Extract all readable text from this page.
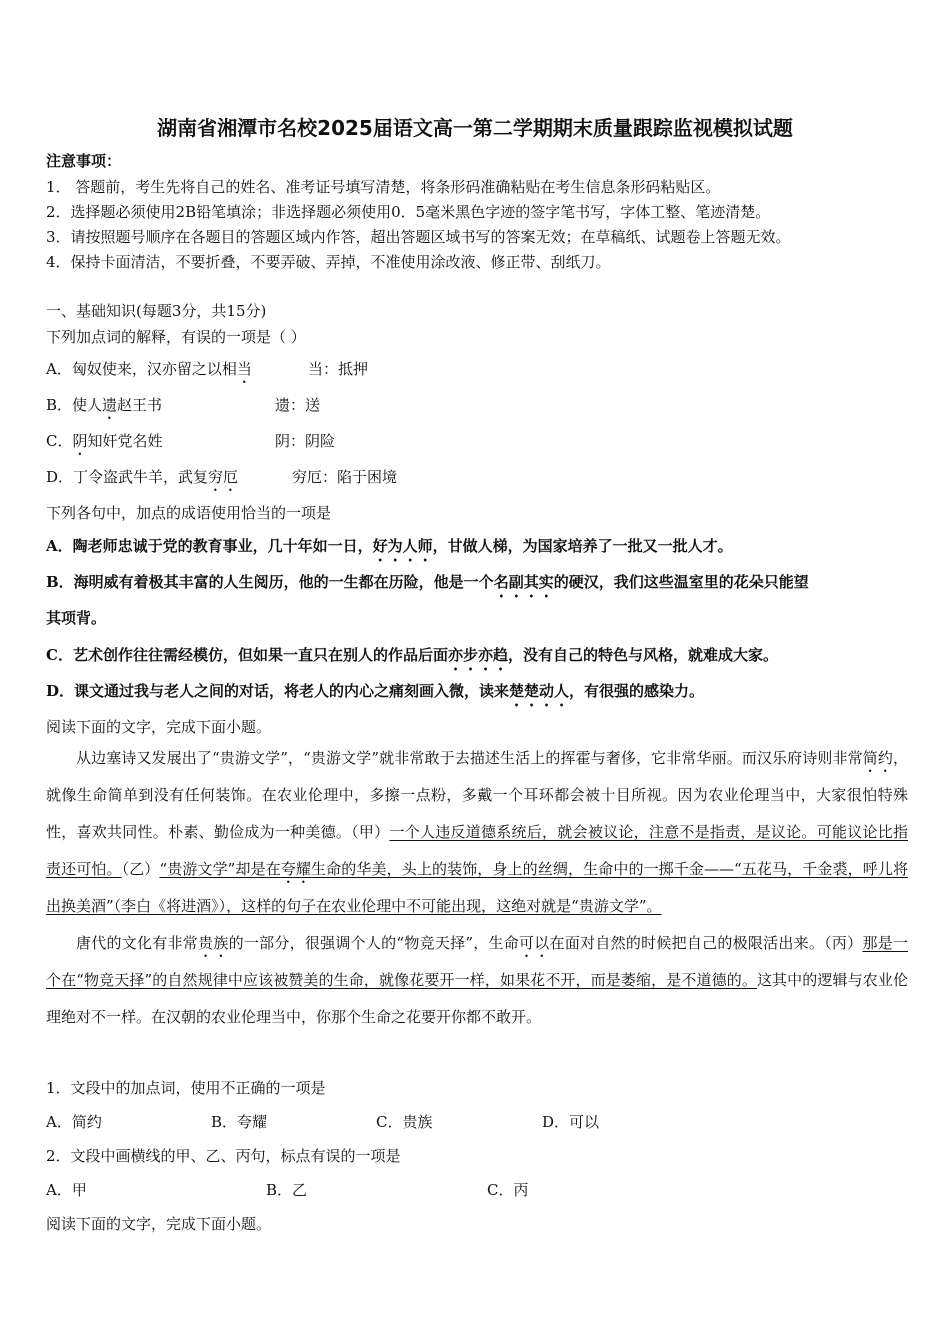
湖南省湘潭市名校2025届语文高一第二学期期末质量跟踪监视模拟试题
注意事项：
1． 答题前，考生先将自己的姓名、准考证号填写清楚，将条形码准确粘贴在考生信息条形码粘贴区。
2．选择题必须使用2B铅笔填涂；非选择题必须使用0．5毫米黑色字迹的签字笔书写，字体工整、笔迹清楚。
3．请按照题号顺序在各题目的答题区域内作答，超出答题区域书写的答案无效；在草稿纸、试题卷上答题无效。
4．保持卡面清洁，不要折叠，不要弄破、弄掉，不准使用涂改液、修正带、刮纸刀。
一、基础知识(每题3分，共15分)
下列加点词的解释，有误的一项是（ ）
A．匈奴使来，汉亦留之以相当	当：抵押
B．使人遗赵王书	遗：送
C．阴知奸党名姓	阴：阴险
D．丁令盗武牛羊，武复穷厄	穷厄：陷于困境
下列各句中，加点的成语使用恰当的一项是
A．陶老师忠诚于党的教育事业，几十年如一日，好为人师，甘做人梯，为国家培养了一批又一批人才。
B．海明威有着极其丰富的人生阅历，他的一生都在历险，他是一个名副其实的硬汉，我们这些温室里的花朵只能望
其项背。
C．艺术创作往往需经模仿，但如果一直只在别人的作品后面亦步亦趋，没有自己的特色与风格，就难成大家。
D．课文通过我与老人之间的对话，将老人的内心之痛刻画入微，读来楚楚动人，有很强的感染力。
阅读下面的文字，完成下面小题。

从边塞诗又发展出了“贵游文学”，“贵游文学”就非常敢于去描述生活上的挥霍与奢侈，它非常华丽。而汉乐府诗则非常简约，就像生命简单到没有任何装饰。在农业伦理中，多擦一点粉，多戴一个耳环都会被十目所视。因为农业伦理当中，大家很怕特殊性，喜欢共同性。朴素、勤俭成为一种美德。（甲）一个人违反道德系统后，就会被议论，注意不是指责，是议论。可能议论比指责还可怕。（乙）“贵游文学”却是在夸耀生命的华美，头上的装饰，身上的丝绸，生命中的一掷千金——“五花马，千金裘，呼儿将出换美酒”（李白《将进酒》），这样的句子在农业伦理中不可能出现，这绝对就是“贵游文学”。

唐代的文化有非常贵族的一部分，很强调个人的“物竞天择”，生命可以在面对自然的时候把自己的极限活出来。（丙）那是一个在“物竞天择”的自然规律中应该被赞美的生命，就像花要开一样，如果花不开，而是萎缩，是不道德的。这其中的逻辑与农业伦理绝对不一样。在汉朝的农业伦理当中，你那个生命之花要开你都不敢开。

1．文段中的加点词，使用不正确的一项是
A．简约	B．夸耀	C．贵族	D．可以
2．文段中画横线的甲、乙、丙句，标点有误的一项是
A．甲	B．乙	C．丙
阅读下面的文字，完成下面小题。
